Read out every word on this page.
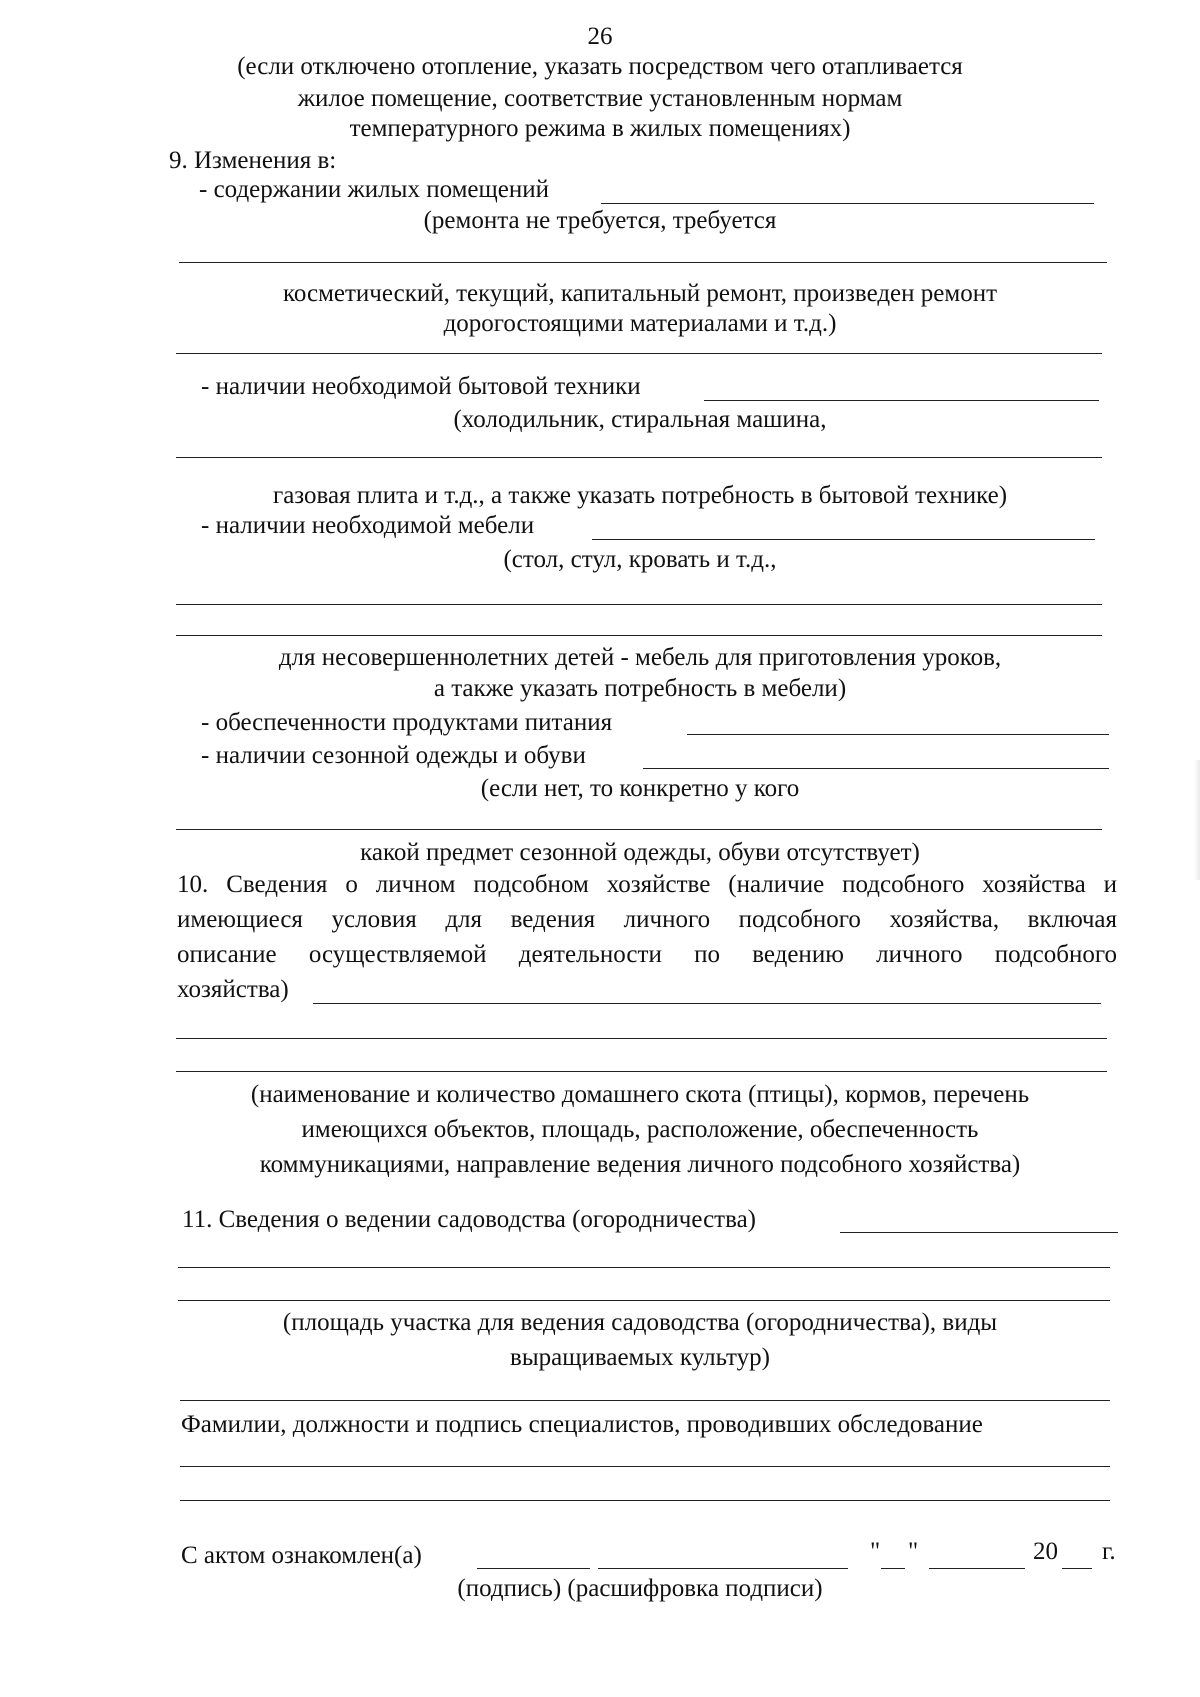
26
(если отключено отопление, указать посредством чего отапливается
жилое помещение, соответствие установленным нормам
температурного режима в жилых помещениях)
9. Изменения в:
- содержании жилых помещений
(ремонта не требуется, требуется
косметический, текущий, капитальный ремонт, произведен ремонт
дорогостоящими материалами и т.д.)
- наличии необходимой бытовой техники
(холодильник, стиральная машина,
газовая плита и т.д., а также указать потребность в бытовой технике)
- наличии необходимой мебели
(стол, стул, кровать и т.д.,
для несовершеннолетних детей - мебель для приготовления уроков,
а также указать потребность в мебели)
- обеспеченности продуктами питания
- наличии сезонной одежды и обуви
(если нет, то конкретно у кого
какой предмет сезонной одежды, обуви отсутствует)
10. Сведения о личном подсобном хозяйстве (наличие подсобного хозяйства и
имеющиеся условия для ведения личного подсобного хозяйства, включая
описание осуществляемой деятельности по ведению личного подсобного
хозяйства)
(наименование и количество домашнего скота (птицы), кормов, перечень
имеющихся объектов, площадь, расположение, обеспеченность
коммуникациями, направление ведения личного подсобного хозяйства)
11. Сведения о ведении садоводства (огородничества)
(площадь участка для ведения садоводства (огородничества), виды
выращиваемых культур)
Фамилии, должности и подпись специалистов, проводивших обследование
С актом ознакомлен(а)	" "	20 г.
(подпись) (расшифровка подписи)
